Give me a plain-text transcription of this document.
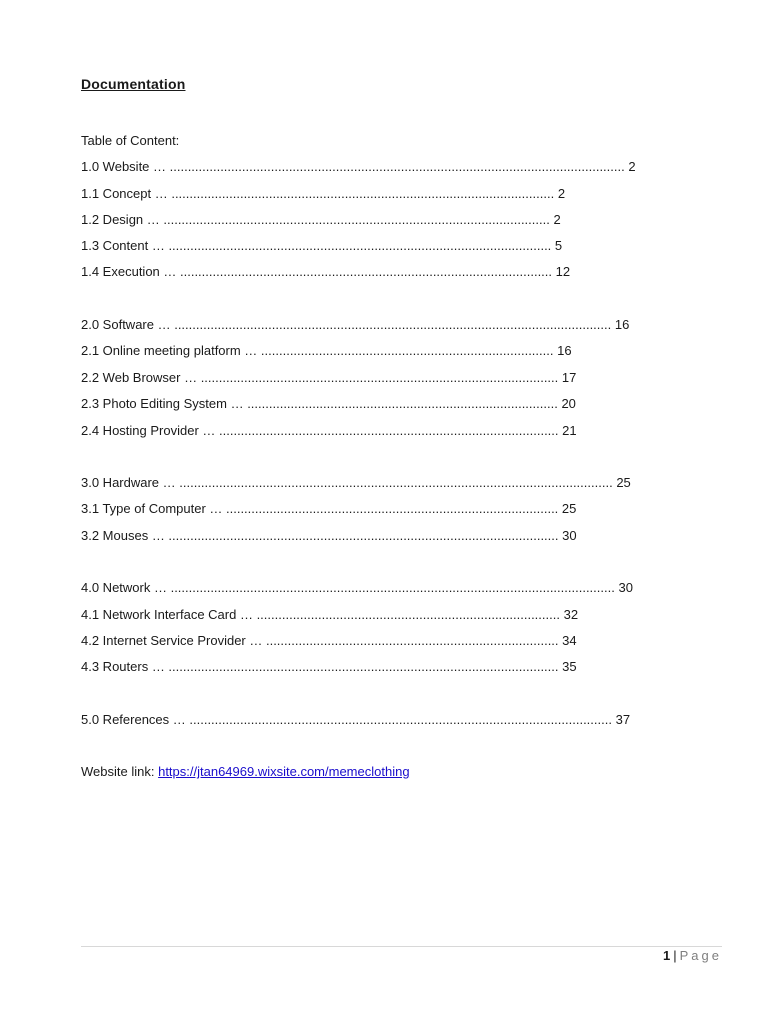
Documentation
Table of Content:
1.0 Website … .............................................................................................................................. 2
1.1 Concept … .......................................................................................................... 2
1.2 Design … ........................................................................................................... 2
1.3 Content … .......................................................................................................... 5
1.4 Execution … ....................................................................................................... 12
2.0 Software … ......................................................................................................................... 16
2.1 Online meeting platform … ................................................................................. 16
2.2 Web Browser … ................................................................................................... 17
2.3 Photo Editing System … ...................................................................................... 20
2.4 Hosting Provider … .............................................................................................. 21
3.0 Hardware … ........................................................................................................................ 25
3.1 Type of Computer … ............................................................................................ 25
3.2 Mouses … ............................................................................................................ 30
4.0 Network … ........................................................................................................................... 30
4.1 Network Interface Card … .................................................................................... 32
4.2 Internet Service Provider … ................................................................................. 34
4.3 Routers … ............................................................................................................ 35
5.0 References … ..................................................................................................................... 37
Website link: https://jtan64969.wixsite.com/memeclothing
1 | Page
